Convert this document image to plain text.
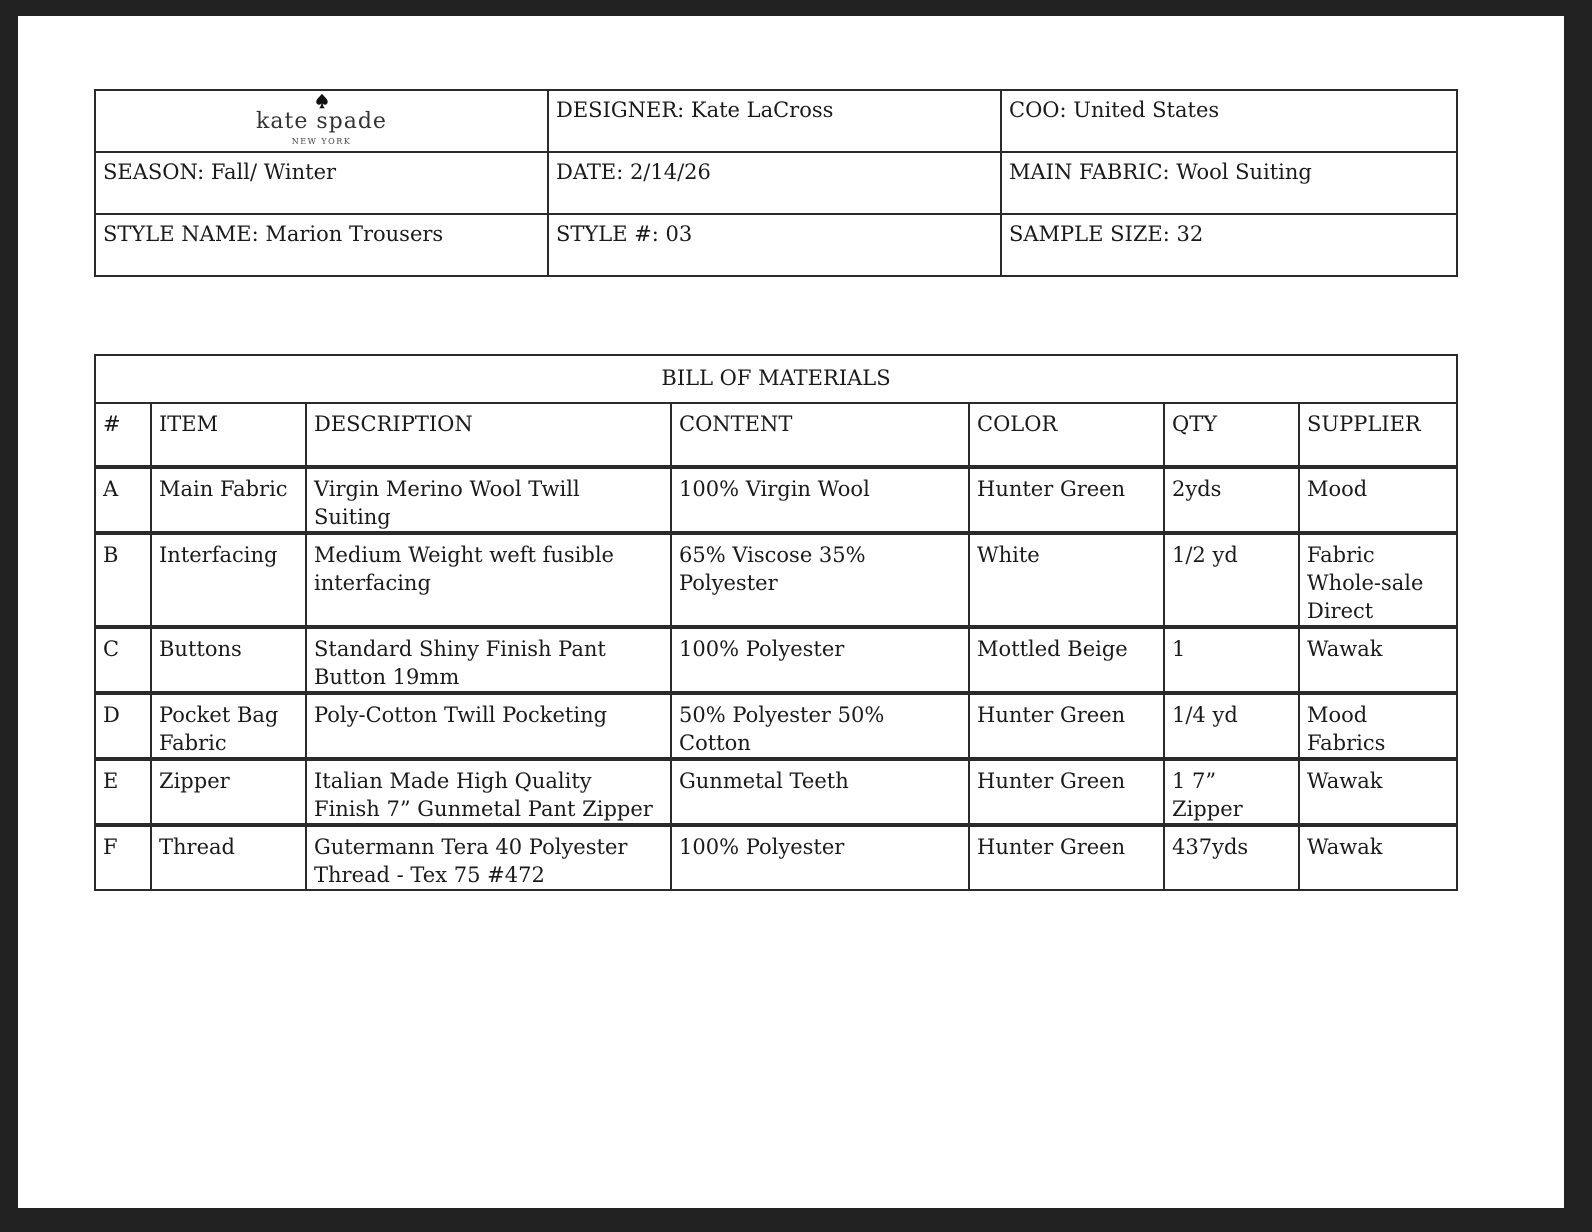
kate spade
NEW YORK	DESIGNER: Kate LaCross	COO: United States
SEASON: Fall/ Winter	DATE: 2/14/26	MAIN FABRIC: Wool Suiting
STYLE NAME: Marion Trousers	STYLE #: 03	SAMPLE SIZE: 32
BILL OF MATERIALS						
#	ITEM	DESCRIPTION	CONTENT	COLOR	QTY	SUPPLIER
A	Main Fabric	Virgin Merino Wool Twill Suiting	100% Virgin Wool	Hunter Green	2yds	Mood
B	Interfacing	Medium Weight weft fusible interfacing	65% Viscose 35% Polyester	White	1/2 yd	Fabric Whole-sale Direct
C	Buttons	Standard Shiny Finish Pant Button 19mm	100% Polyester	Mottled Beige	1	Wawak
D	Pocket Bag Fabric	Poly-Cotton Twill Pocketing	50% Polyester 50% Cotton	Hunter Green	1/4 yd	Mood Fabrics
E	Zipper	Italian Made High Quality Finish 7” Gunmetal Pant Zipper	Gunmetal Teeth	Hunter Green	1 7” Zipper	Wawak
F	Thread	Gutermann Tera 40 Polyester Thread - Tex 75 #472	100% Polyester	Hunter Green	437yds	Wawak
